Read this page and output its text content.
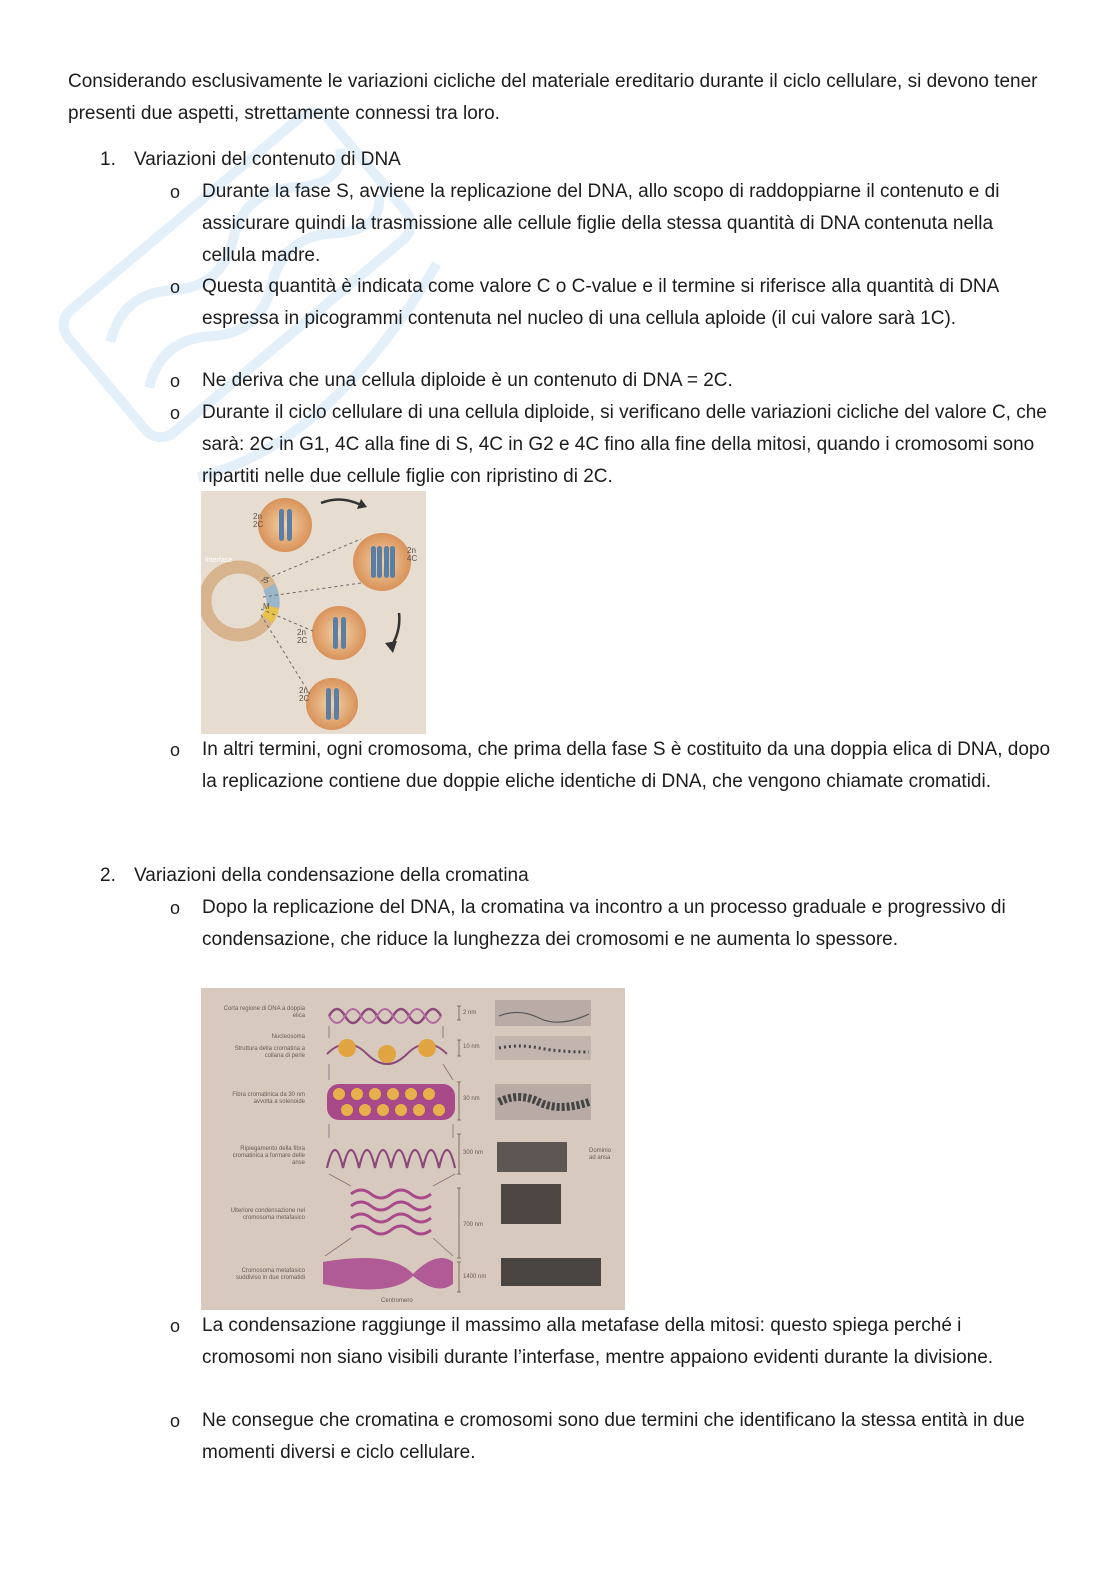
Considerando esclusivamente le variazioni cicliche del materiale ereditario durante il ciclo cellulare, si devono tener presenti due aspetti, strettamente connessi tra loro.
1. Variazioni del contenuto di DNA
o	Durante la fase S, avviene la replicazione del DNA, allo scopo di raddoppiarne il contenuto e di assicurare quindi la trasmissione alle cellule figlie della stessa quantità di DNA contenuta nella cellula madre.
o	Questa quantità è indicata come valore C o C-value e il termine si riferisce alla quantità di DNA espressa in picogrammi contenuta nel nucleo di una cellula aploide (il cui valore sarà 1C).
o	Ne deriva che una cellula diploide è un contenuto di DNA = 2C.
o	Durante il ciclo cellulare di una cellula diploide, si verificano delle variazioni cicliche del valore C, che sarà: 2C in G1, 4C alla fine di S, 4C in G2 e 4C fino alla fine della mitosi, quando i cromosomi sono ripartiti nelle due cellule figlie con ripristino di 2C.
Interfase
S
M
2n 2C
2n 4C
2n 2C
2n 2C
o	In altri termini, ogni cromosoma, che prima della fase S è costituito da una doppia elica di DNA, dopo la replicazione contiene due doppie eliche identiche di DNA, che vengono chiamate cromatidi.
2. Variazioni della condensazione della cromatina
o	Dopo la replicazione del DNA, la cromatina va incontro a un processo graduale e progressivo di condensazione, che riduce la lunghezza dei cromosomi e ne aumenta lo spessore.
Corta regione di DNA a doppia elica
Nucleosoma
Struttura della cromatina a collana di perle
Fibra cromatinica da 30 nm avvolta a solenoide
Ripiegamento della fibra cromatinica a formare delle anse
Ulteriore condensazione nel cromosoma metafasico
Cromosoma metafasico suddiviso in due cromatidi
2 nm
10 nm
30 nm
300 nm
700 nm
1400 nm
Dominio ad ansa
Centromero
o	La condensazione raggiunge il massimo alla metafase della mitosi: questo spiega perché i cromosomi non siano visibili durante l’interfase, mentre appaiono evidenti durante la divisione.
o	Ne consegue che cromatina e cromosomi sono due termini che identificano la stessa entità in due momenti diversi e ciclo cellulare.
